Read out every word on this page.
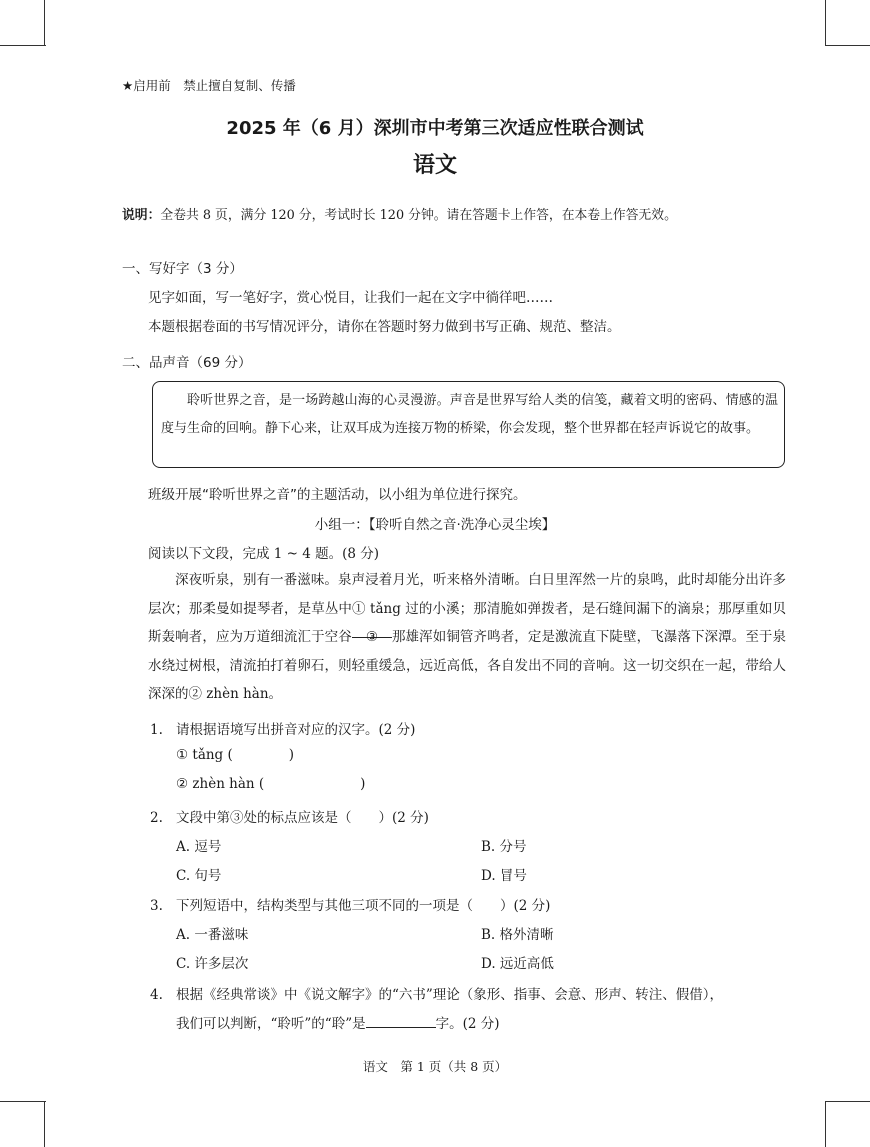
★启用前　禁止擅自复制、传播
2025 年（6 月）深圳市中考第三次适应性联合测试
语文
说明：全卷共 8 页，满分 120 分，考试时长 120 分钟。请在答题卡上作答，在本卷上作答无效。
一、写好字（3 分）
见字如面，写一笔好字，赏心悦目，让我们一起在文字中徜徉吧……
本题根据卷面的书写情况评分，请你在答题时努力做到书写正确、规范、整洁。
二、品声音（69 分）
聆听世界之音，是一场跨越山海的心灵漫游。声音是世界写给人类的信笺，藏着文明的密码、情感的温度与生命的回响。静下心来，让双耳成为连接万物的桥梁，你会发现，整个世界都在轻声诉说它的故事。
班级开展“聆听世界之音”的主题活动，以小组为单位进行探究。
小组一：【聆听自然之音·洗净心灵尘埃】
阅读以下文段，完成 1 ~ 4 题。(8 分)
深夜听泉，别有一番滋味。泉声浸着月光，听来格外清晰。白日里浑然一片的泉鸣，此时却能分出许多层次；那柔曼如提琴者，是草丛中① tǎng 过的小溪；那清脆如弹拨者，是石缝间漏下的滴泉；那厚重如贝斯轰响者，应为万道细流汇于空谷 ③ 那雄浑如铜管齐鸣者，定是激流直下陡壁，飞瀑落下深潭。至于泉水绕过树根，清流拍打着卵石，则轻重缓急，远近高低，各自发出不同的音响。这一切交织在一起，带给人深深的② zhèn hàn。
1. 请根据语境写出拼音对应的汉字。(2 分)
① tǎng (	)
② zhèn hàn (	)
2. 文段中第③处的标点应该是（　　）(2 分)
A. 逗号	B. 分号
C. 句号	D. 冒号
3. 下列短语中，结构类型与其他三项不同的一项是（　　）(2 分)
A. 一番滋味	B. 格外清晰
C. 许多层次	D. 远近高低
4. 根据《经典常谈》中《说文解字》的“六书”理论（象形、指事、会意、形声、转注、假借），
我们可以判断，“聆听”的“聆”是	字。(2 分)
语文　第 1 页（共 8 页）
